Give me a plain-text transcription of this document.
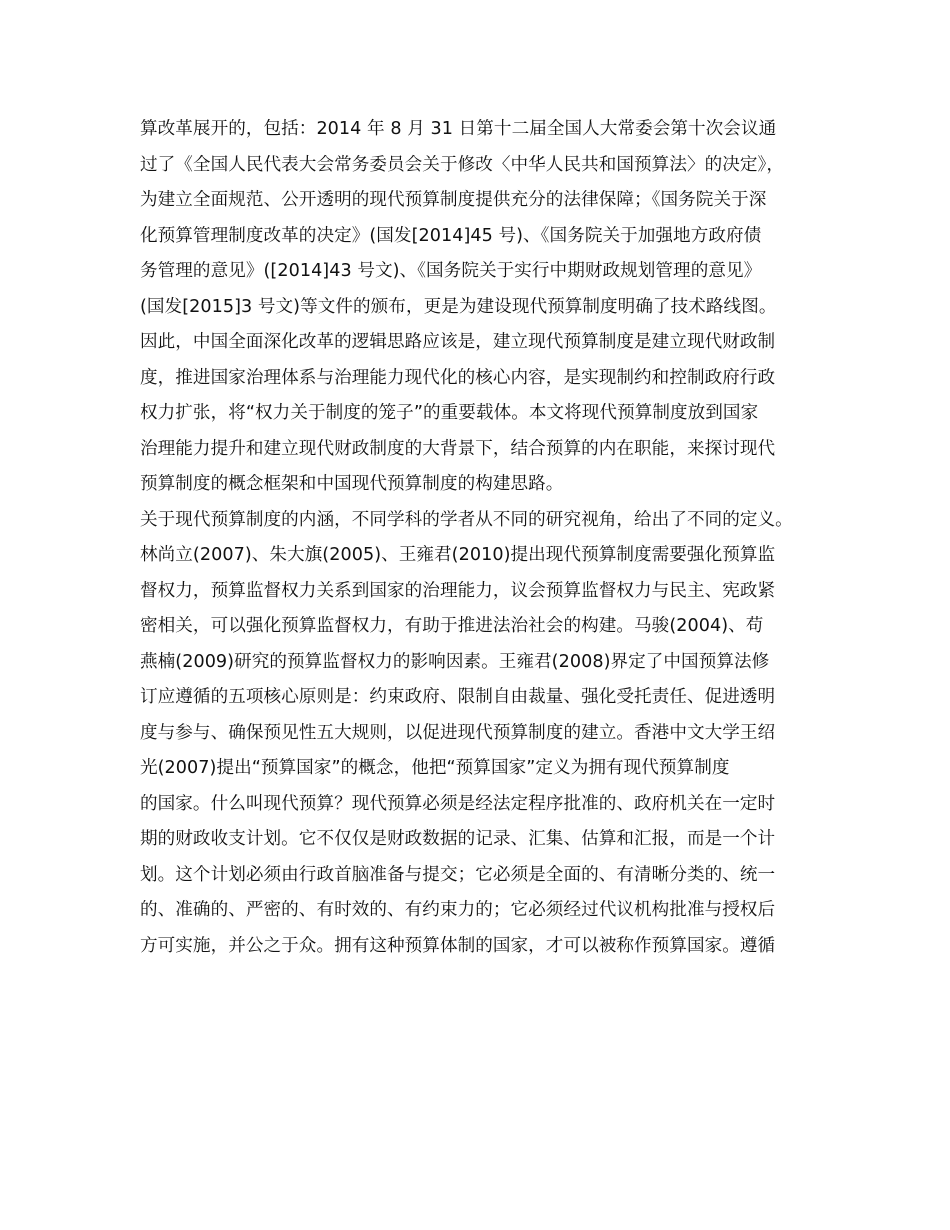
算改革展开的，包括：2014 年 8 月 31 日第十二届全国人大常委会第十次会议通
过了《全国人民代表大会常务委员会关于修改〈中华人民共和国预算法〉的决定》，
为建立全面规范、公开透明的现代预算制度提供充分的法律保障；《国务院关于深
化预算管理制度改革的决定》(国发[2014]45 号)、《国务院关于加强地方政府债
务管理的意见》([2014]43 号文)、《国务院关于实行中期财政规划管理的意见》
(国发[2015]3 号文)等文件的颁布，更是为建设现代预算制度明确了技术路线图。
因此，中国全面深化改革的逻辑思路应该是，建立现代预算制度是建立现代财政制
度，推进国家治理体系与治理能力现代化的核心内容，是实现制约和控制政府行政
权力扩张，将“权力关于制度的笼子”的重要载体。本文将现代预算制度放到国家
治理能力提升和建立现代财政制度的大背景下，结合预算的内在职能，来探讨现代
预算制度的概念框架和中国现代预算制度的构建思路。
关于现代预算制度的内涵，不同学科的学者从不同的研究视角，给出了不同的定义。
林尚立(2007)、朱大旗(2005)、王雍君(2010)提出现代预算制度需要强化预算监
督权力，预算监督权力关系到国家的治理能力，议会预算监督权力与民主、宪政紧
密相关，可以强化预算监督权力，有助于推进法治社会的构建。马骏(2004)、苟
燕楠(2009)研究的预算监督权力的影响因素。王雍君(2008)界定了中国预算法修
订应遵循的五项核心原则是：约束政府、限制自由裁量、强化受托责任、促进透明
度与参与、确保预见性五大规则，以促进现代预算制度的建立。香港中文大学王绍
光(2007)提出“预算国家”的概念，他把“预算国家”定义为拥有现代预算制度
的国家。什么叫现代预算？现代预算必须是经法定程序批准的、政府机关在一定时
期的财政收支计划。它不仅仅是财政数据的记录、汇集、估算和汇报，而是一个计
划。这个计划必须由行政首脑准备与提交；它必须是全面的、有清晰分类的、统一
的、准确的、严密的、有时效的、有约束力的；它必须经过代议机构批准与授权后
方可实施，并公之于众。拥有这种预算体制的国家，才可以被称作预算国家。遵循
